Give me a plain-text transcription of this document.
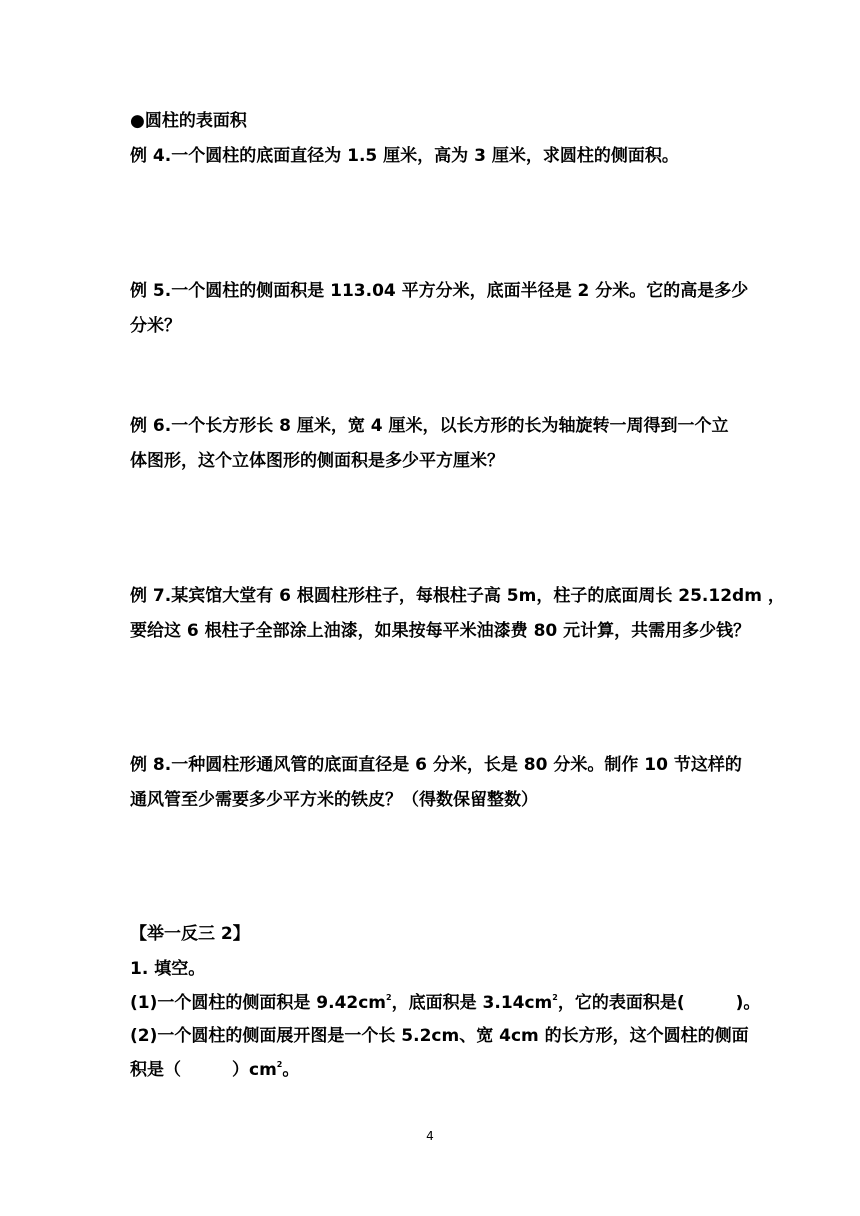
●圆柱的表面积
例 4.一个圆柱的底面直径为 1.5 厘米，高为 3 厘米，求圆柱的侧面积。
例 5.一个圆柱的侧面积是 113.04 平方分米，底面半径是 2 分米。它的高是多少
分米？
例 6.一个长方形长 8 厘米，宽 4 厘米，以长方形的长为轴旋转一周得到一个立
体图形，这个立体图形的侧面积是多少平方厘米？
例 7.某宾馆大堂有 6 根圆柱形柱子，每根柱子高 5m，柱子的底面周长 25.12dm ，
要给这 6 根柱子全部涂上油漆，如果按每平米油漆费 80 元计算，共需用多少钱？
例 8.一种圆柱形通风管的底面直径是 6 分米，长是 80 分米。制作 10 节这样的
通风管至少需要多少平方米的铁皮？（得数保留整数）
【举一反三 2】
1. 填空。
(1)一个圆柱的侧面积是 $9.42cm^2$，底面积是 $3.14cm^2$，它的表面积是(　　　)。
(2)一个圆柱的侧面展开图是一个长 5.2cm、宽 4cm 的长方形，这个圆柱的侧面
积是（　　　）$cm^2$。
4
